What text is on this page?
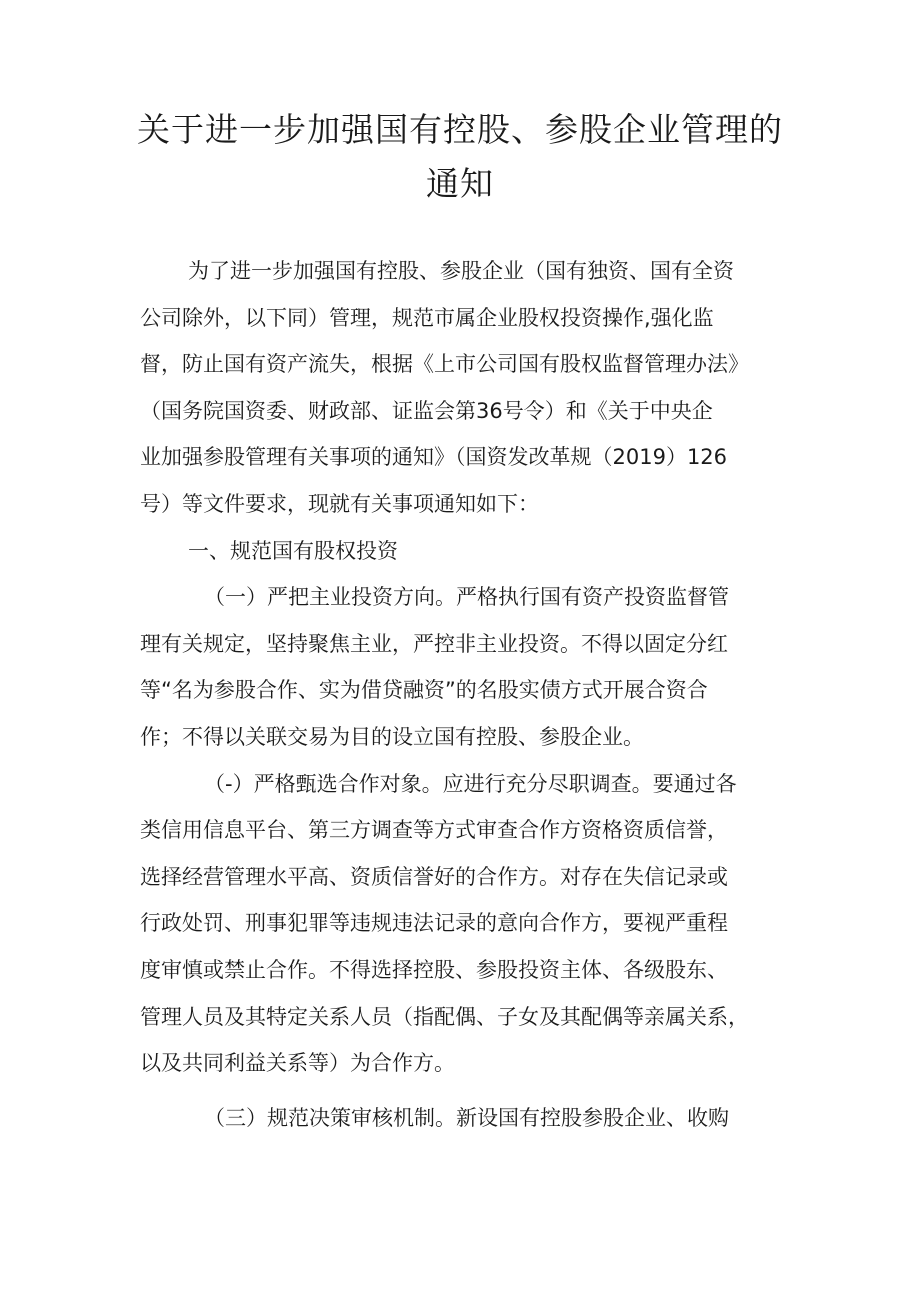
关于进一步加强国有控股、参股企业管理的
通知
为了进一步加强国有控股、参股企业（国有独资、国有全资
公司除外，以下同）管理，规范市属企业股权投资操作,强化监
督，防止国有资产流失，根据《上市公司国有股权监督管理办法》
（国务院国资委、财政部、证监会第36号令）和《关于中央企
业加强参股管理有关事项的通知》（国资发改革规（2019）126
号）等文件要求，现就有关事项通知如下：
一、规范国有股权投资
（一）严把主业投资方向。严格执行国有资产投资监督管
理有关规定，坚持聚焦主业，严控非主业投资。不得以固定分红
等“名为参股合作、实为借贷融资”的名股实债方式开展合资合
作；不得以关联交易为目的设立国有控股、参股企业。
（-）严格甄选合作对象。应进行充分尽职调查。要通过各
类信用信息平台、第三方调查等方式审查合作方资格资质信誉，
选择经营管理水平高、资质信誉好的合作方。对存在失信记录或
行政处罚、刑事犯罪等违规违法记录的意向合作方，要视严重程
度审慎或禁止合作。不得选择控股、参股投资主体、各级股东、
管理人员及其特定关系人员（指配偶、子女及其配偶等亲属关系，
以及共同利益关系等）为合作方。
（三）规范决策审核机制。新设国有控股参股企业、收购
